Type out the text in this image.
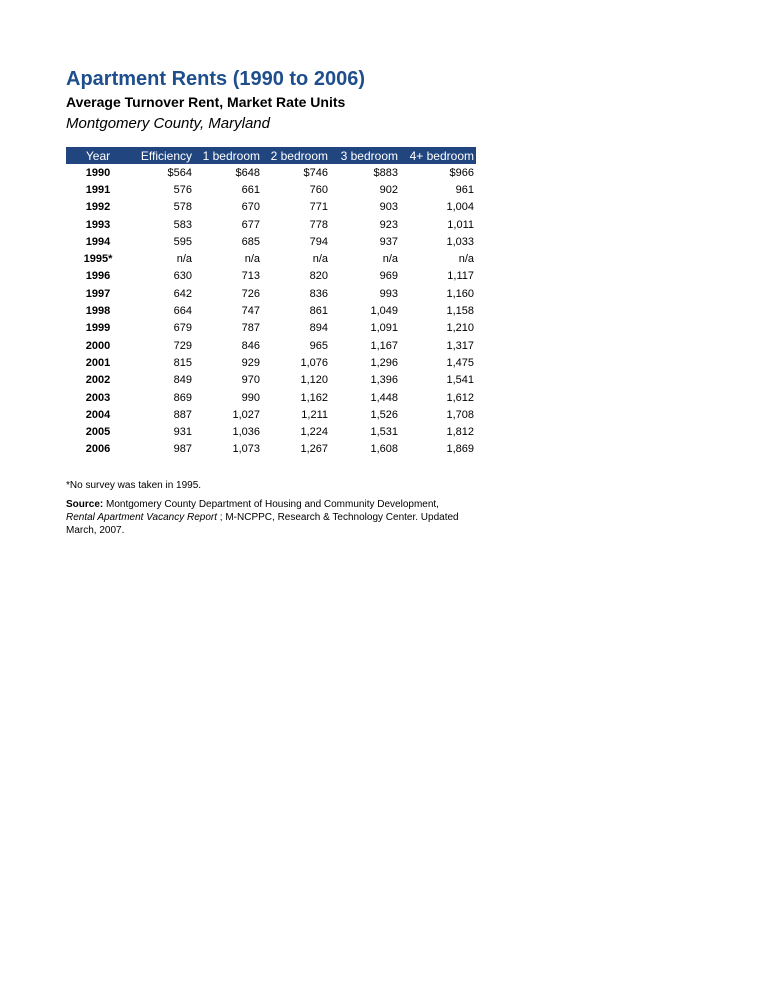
Apartment Rents (1990 to 2006)
Average Turnover Rent, Market Rate Units
Montgomery County, Maryland
Year	Efficiency	1 bedroom	2 bedroom	3 bedroom	4+ bedroom
1990	$564	$648	$746	$883	$966
1991	576	661	760	902	961
1992	578	670	771	903	1,004
1993	583	677	778	923	1,011
1994	595	685	794	937	1,033
1995*	n/a	n/a	n/a	n/a	n/a
1996	630	713	820	969	1,117
1997	642	726	836	993	1,160
1998	664	747	861	1,049	1,158
1999	679	787	894	1,091	1,210
2000	729	846	965	1,167	1,317
2001	815	929	1,076	1,296	1,475
2002	849	970	1,120	1,396	1,541
2003	869	990	1,162	1,448	1,612
2004	887	1,027	1,211	1,526	1,708
2005	931	1,036	1,224	1,531	1,812
2006	987	1,073	1,267	1,608	1,869
*No survey was taken in 1995.
Source: Montgomery County Department of Housing and Community Development,
Rental Apartment Vacancy Report ; M-NCPPC, Research & Technology Center. Updated March, 2007.
